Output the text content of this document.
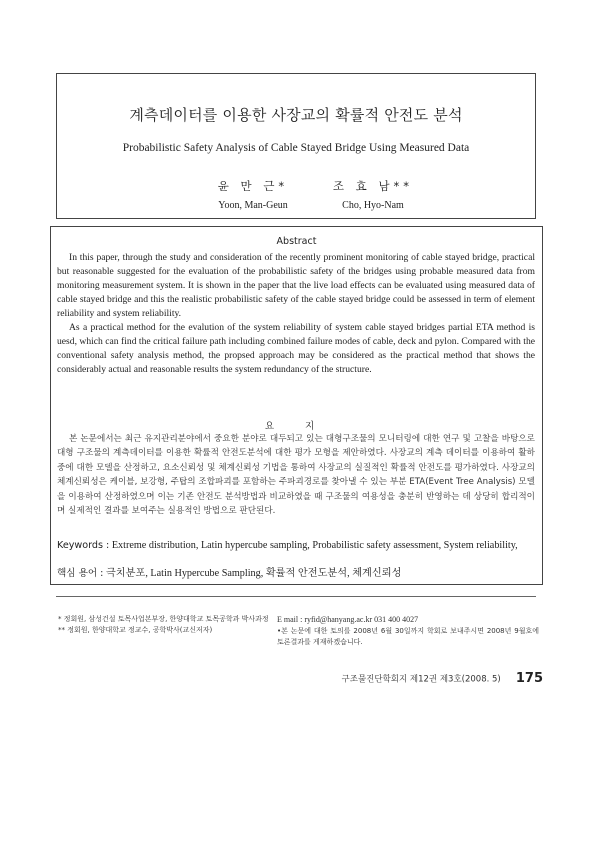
계측데이터를 이용한 사장교의 확률적 안전도 분석
Probabilistic Safety Analysis of Cable Stayed Bridge Using Measured Data
윤 만 근*
Yoon, Man-Geun
조 효 남**
Cho, Hyo-Nam
Abstract

In this paper, through the study and consideration of the recently prominent monitoring of cable stayed bridge, practical but reasonable suggested for the evaluation of the probabilistic safety of the bridges using probable measured data from monitoring measurement system. It is shown in the paper that the live load effects can be evaluated using measured data of cable stayed bridge and this the realistic probabilistic safety of the cable stayed bridge could be assessed in term of element reliability and system reliability.

As a practical method for the evalution of the system reliability of system cable stayed bridges partial ETA method is uesd, which can find the critical failure path including combined failure modes of cable, deck and pylon. Compared with the conventional safety analysis method, the propsed approach may be considered as the practical method that shows the considerably actual and reasonable results the system redundancy of the structure.

요 지

본 논문에서는 최근 유지관리분야에서 중요한 분야로 대두되고 있는 대형구조물의 모니터링에 대한 연구 및 고찰을 바탕으로 대형 구조물의 계측데이터를 이용한 확률적 안전도분석에 대한 평가 모형을 제안하였다. 사장교의 계측 데이터를 이용하여 활하중에 대한 모델을 산정하고, 요소신뢰성 및 체계신뢰성 기법을 통하여 사장교의 실질적인 확률적 안전도를 평가하였다. 사장교의 체계신뢰성은 케이블, 보강형, 주탑의 조합파괴를 포함하는 주파괴경로를 찾아낼 수 있는 부분 ETA(Event Tree Analysis) 모델을 이용하여 산정하였으며 이는 기존 안전도 분석방법과 비교하였을 때 구조물의 여용성을 충분히 반영하는 데 상당히 합리적이며 실제적인 결과를 보여주는 실용적인 방법으로 판단된다.

Keywords : Extreme distribution, Latin hypercube sampling, Probabilistic safety assessment, System reliability,
핵심 용어 : 극치분포, Latin Hypercube Sampling, 확률적 안전도분석, 체계신뢰성
* 정회원, 삼성건설 토목사업본부장, 한양대학교 토목공학과 박사과정
** 정회원, 한양대학교 정교수, 공학박사(교신저자)
E mail : ryfid@hanyang.ac.kr 031 400 4027
•본 논문에 대한 토의를 2008년 6월 30일까지 학회로 보내주시면 2008년 9월호에 토론결과를 게재하겠습니다.
구조물진단학회지 제12권 제3호(2008. 5) 175
